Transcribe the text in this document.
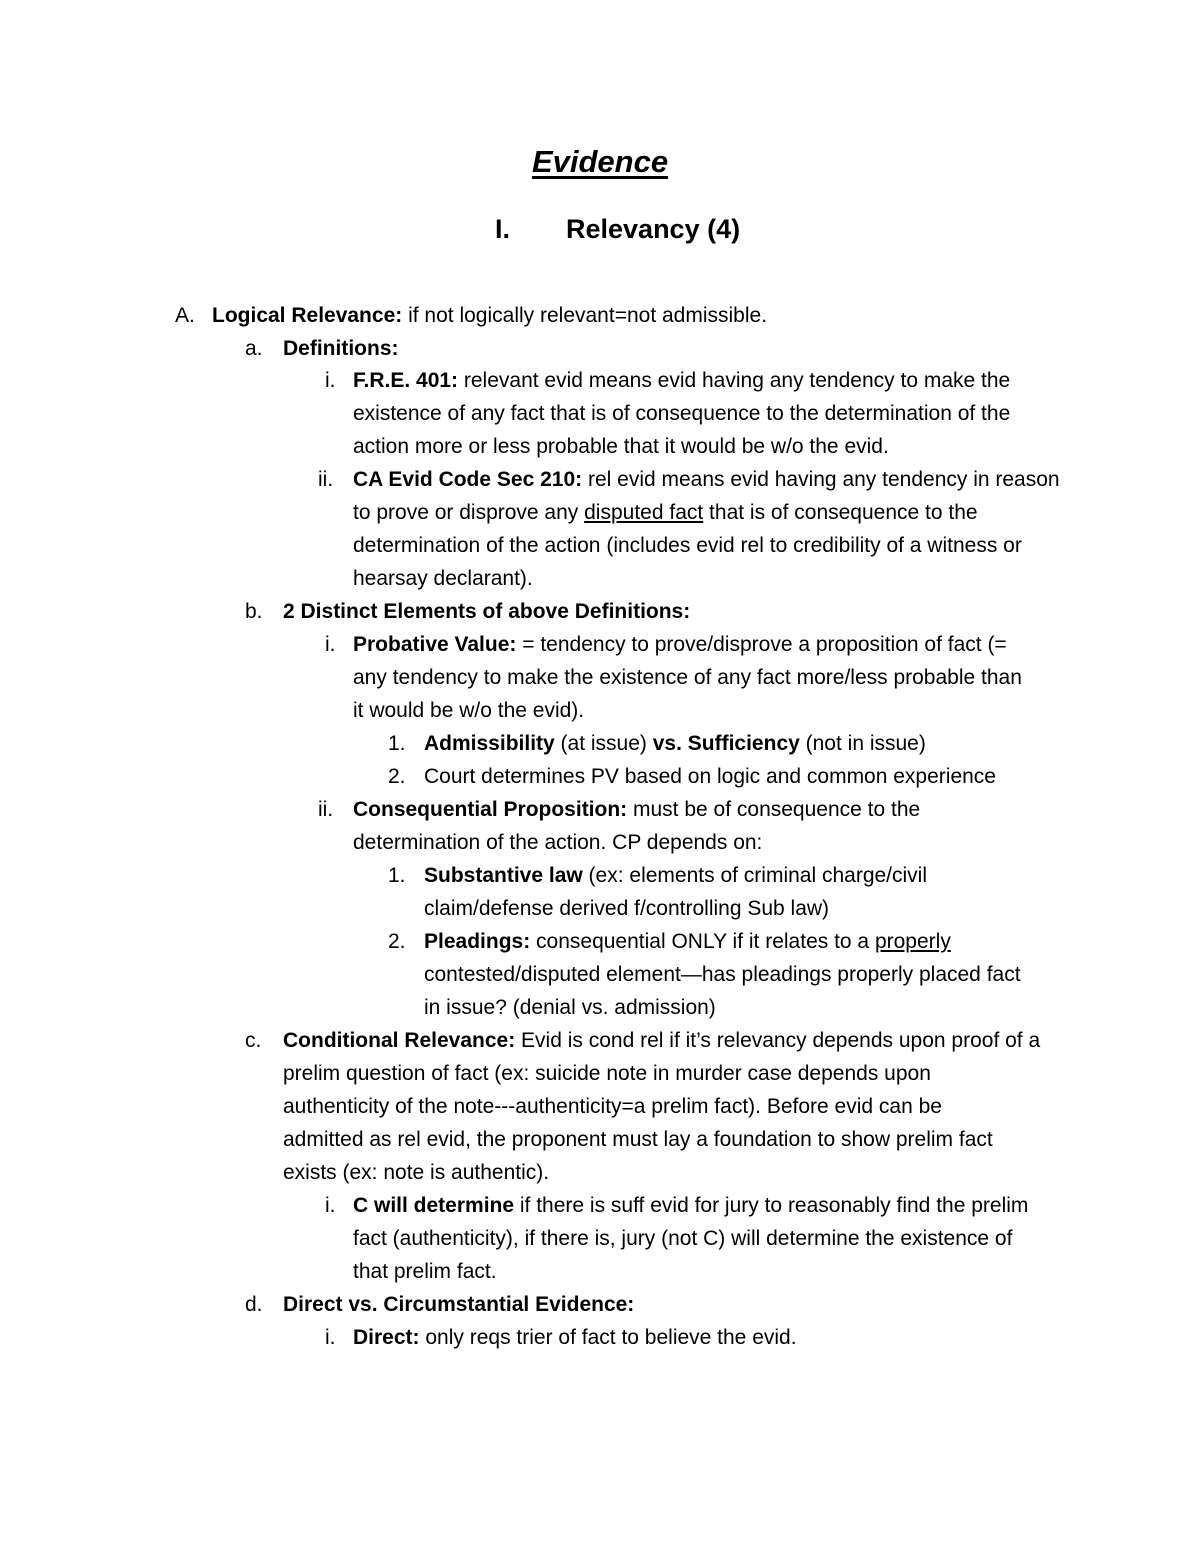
Evidence
I. Relevancy (4)
A. Logical Relevance: if not logically relevant=not admissible.
a. Definitions:
i. F.R.E. 401: relevant evid means evid having any tendency to make the
existence of any fact that is of consequence to the determination of the
action more or less probable that it would be w/o the evid.
ii. CA Evid Code Sec 210: rel evid means evid having any tendency in reason
to prove or disprove any disputed fact that is of consequence to the
determination of the action (includes evid rel to credibility of a witness or
hearsay declarant).
b. 2 Distinct Elements of above Definitions:
i. Probative Value: = tendency to prove/disprove a proposition of fact (=
any tendency to make the existence of any fact more/less probable than
it would be w/o the evid).
1. Admissibility (at issue) vs. Sufficiency (not in issue)
2. Court determines PV based on logic and common experience
ii. Consequential Proposition: must be of consequence to the
determination of the action. CP depends on:
1. Substantive law (ex: elements of criminal charge/civil
claim/defense derived f/controlling Sub law)
2. Pleadings: consequential ONLY if it relates to a properly
contested/disputed element—has pleadings properly placed fact
in issue? (denial vs. admission)
c. Conditional Relevance: Evid is cond rel if it’s relevancy depends upon proof of a
prelim question of fact (ex: suicide note in murder case depends upon
authenticity of the note---authenticity=a prelim fact). Before evid can be
admitted as rel evid, the proponent must lay a foundation to show prelim fact
exists (ex: note is authentic).
i. C will determine if there is suff evid for jury to reasonably find the prelim
fact (authenticity), if there is, jury (not C) will determine the existence of
that prelim fact.
d. Direct vs. Circumstantial Evidence:
i. Direct: only reqs trier of fact to believe the evid.
